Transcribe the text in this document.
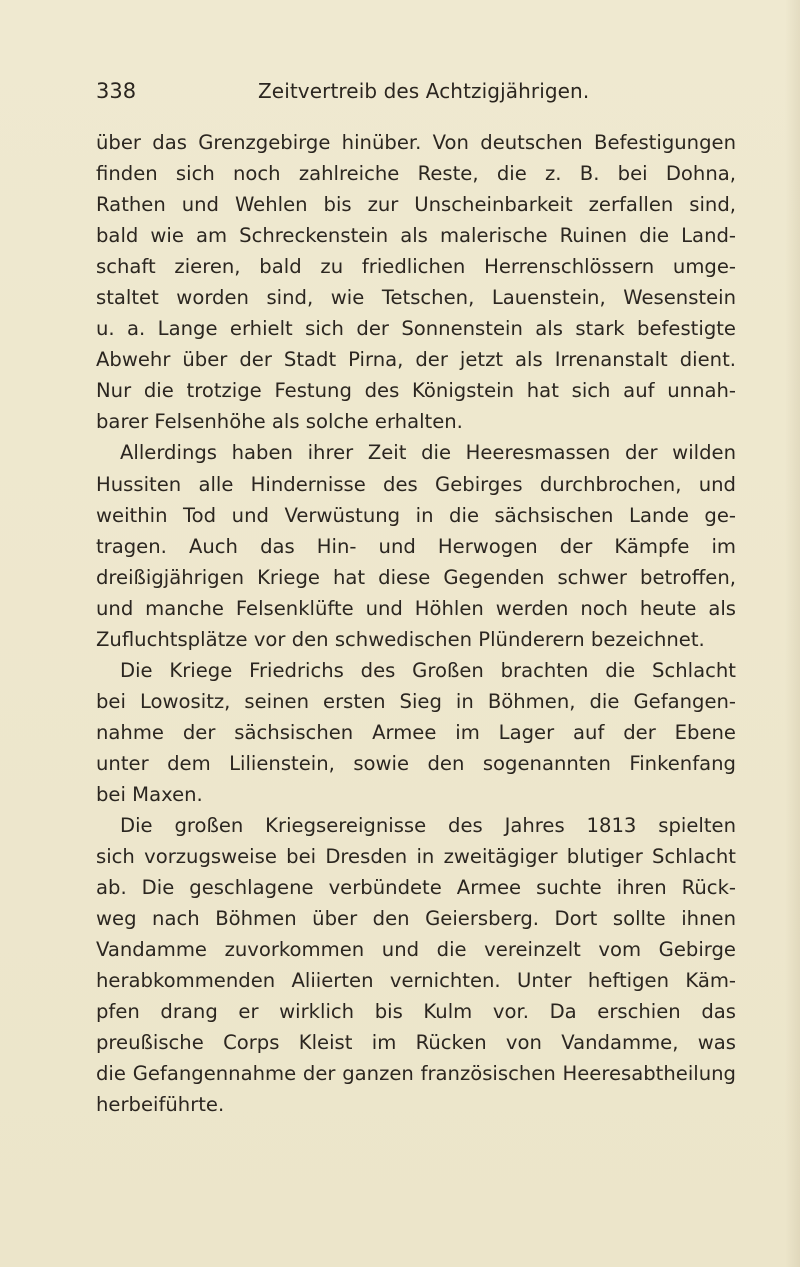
338	Zeitvertreib des Achtzigjährigen.
über das Grenzgebirge hinüber. Von deutschen Befestigungen
finden sich noch zahlreiche Reste, die z. B. bei Dohna,
Rathen und Wehlen bis zur Unscheinbarkeit zerfallen sind,
bald wie am Schreckenstein als malerische Ruinen die Land-
schaft zieren, bald zu friedlichen Herrenschlössern umge-
staltet worden sind, wie Tetschen, Lauenstein, Wesenstein
u. a. Lange erhielt sich der Sonnenstein als stark befestigte
Abwehr über der Stadt Pirna, der jetzt als Irrenanstalt dient.
Nur die trotzige Festung des Königstein hat sich auf unnah-
barer Felsenhöhe als solche erhalten.
Allerdings haben ihrer Zeit die Heeresmassen der wilden
Hussiten alle Hindernisse des Gebirges durchbrochen, und
weithin Tod und Verwüstung in die sächsischen Lande ge-
tragen. Auch das Hin- und Herwogen der Kämpfe im
dreißigjährigen Kriege hat diese Gegenden schwer betroffen,
und manche Felsenklüfte und Höhlen werden noch heute als
Zufluchtsplätze vor den schwedischen Plünderern bezeichnet.
Die Kriege Friedrichs des Großen brachten die Schlacht
bei Lowositz, seinen ersten Sieg in Böhmen, die Gefangen-
nahme der sächsischen Armee im Lager auf der Ebene
unter dem Lilienstein, sowie den sogenannten Finkenfang
bei Maxen.
Die großen Kriegsereignisse des Jahres 1813 spielten
sich vorzugsweise bei Dresden in zweitägiger blutiger Schlacht
ab. Die geschlagene verbündete Armee suchte ihren Rück-
weg nach Böhmen über den Geiersberg. Dort sollte ihnen
Vandamme zuvorkommen und die vereinzelt vom Gebirge
herabkommenden Aliierten vernichten. Unter heftigen Käm-
pfen drang er wirklich bis Kulm vor. Da erschien das
preußische Corps Kleist im Rücken von Vandamme, was
die Gefangennahme der ganzen französischen Heeresabtheilung
herbeiführte.
